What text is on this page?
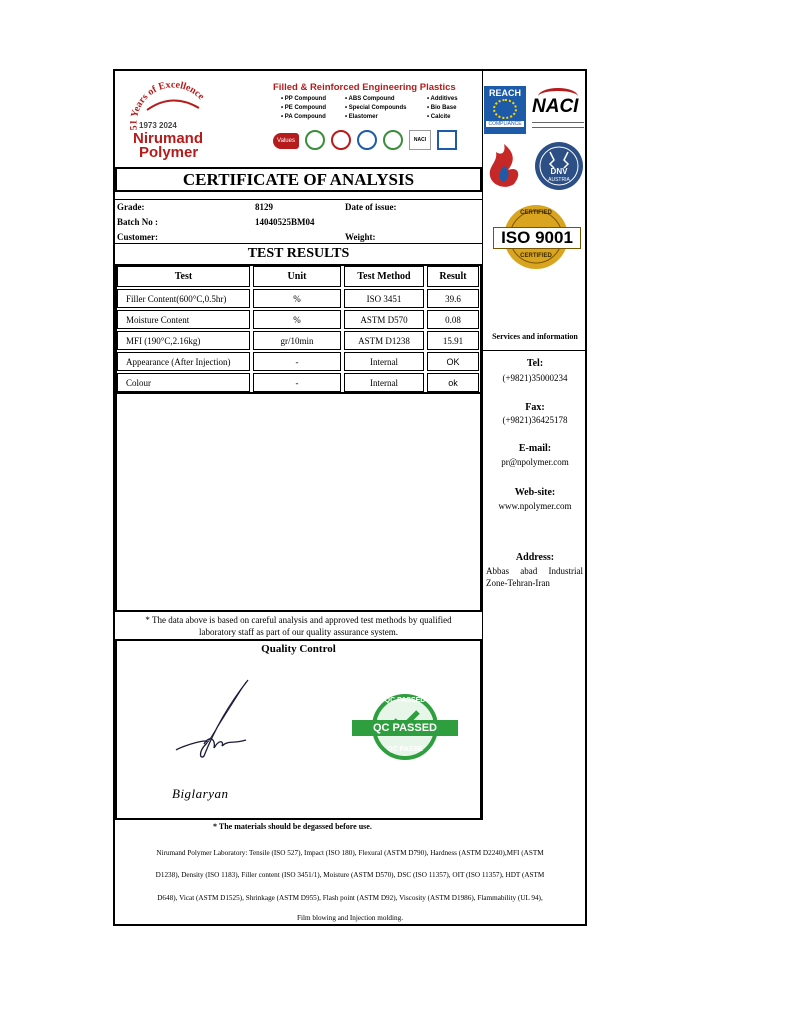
51 Years of Excellence
1973 2024
Nirumand
Polymer
Filled & Reinforced Engineering Plastics
• PP Compound
• PE Compound
• PA Compound
• ABS Compound
• Special Compounds
• Elastomer
• Additives
• Bio Base
• Calcite
Values	NACI
REACH
COMPLIANCE
NACI
DNV
AUSTRIA
CERTIFIED
ISO 9001
CERTIFIED
CERTIFICATE OF ANALYSIS
Grade:	8129	Date of issue:
Batch No :	14040525BM04
Customer:	Weight:
TEST RESULTS
Test	Unit	Test Method	Result
Filler Content(600°C,0.5hr)	%	ISO 3451	39.6
Moisture Content	%	ASTM D570	0.08
MFI (190°C,2.16kg)	gr/10min	ASTM D1238	15.91
Appearance (After Injection)	-	Internal	OK
Colour	-	Internal	ok
* The data above is based on careful analysis and approved test methods by qualified
laboratory staff as part of our quality assurance system.
Quality Control
Biglaryan
QC PASSED
QC PASSED
QC PASSE
* The materials should be degassed before use.
Nirumand Polymer Laboratory: Tensile (ISO 527), Impact (ISO 180), Flexural (ASTM D790), Hardness (ASTM D2240),MFI (ASTM
D1238), Density (ISO 1183), Filler content (ISO 3451/1), Moisture (ASTM D570), DSC (ISO 11357), OIT (ISO 11357), HDT (ASTM
D648), Vicat (ASTM D1525), Shrinkage (ASTM D955), Flash point (ASTM D92), Viscosity (ASTM D1986), Flammability (UL 94),
Film blowing and Injection molding.
Services and information
Tel:
(+9821)35000234
Fax:
(+9821)36425178
E-mail:
pr@npolymer.com
Web-site:
www.npolymer.com
Address:
Abbas     abad     Industrial
Zone-Tehran-Iran
